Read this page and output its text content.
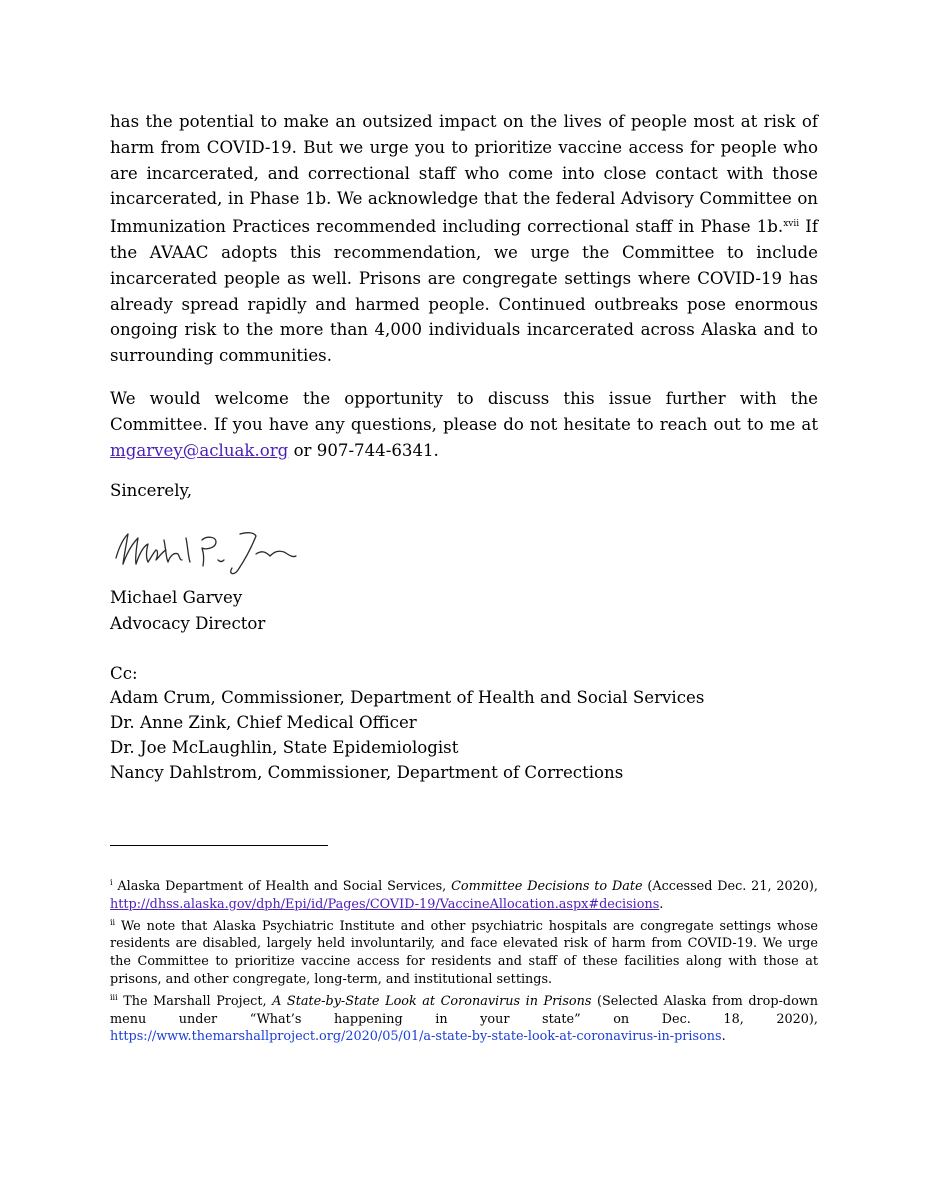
has the potential to make an outsized impact on the lives of people most at risk of harm from COVID-19. But we urge you to prioritize vaccine access for people who are incarcerated, and correctional staff who come into close contact with those incarcerated, in Phase 1b. We acknowledge that the federal Advisory Committee on Immunization Practices recommended including correctional staff in Phase 1b.$^{xvii}$ If the AVAAC adopts this recommendation, we urge the Committee to include incarcerated people as well. Prisons are congregate settings where COVID-19 has already spread rapidly and harmed people. Continued outbreaks pose enormous ongoing risk to the more than 4,000 individuals incarcerated across Alaska and to surrounding communities.

We would welcome the opportunity to discuss this issue further with the Committee. If you have any questions, please do not hesitate to reach out to me at mgarvey@acluak.org or 907-744-6341.

Sincerely,

Michael Garvey

Advocacy Director

Cc:

Adam Crum, Commissioner, Department of Health and Social Services

Dr. Anne Zink, Chief Medical Officer

Dr. Joe McLaughlin, State Epidemiologist

Nancy Dahlstrom, Commissioner, Department of Corrections

$^i$ Alaska Department of Health and Social Services, Committee Decisions to Date (Accessed Dec. 21, 2020), http://dhss.alaska.gov/dph/Epi/id/Pages/COVID-19/VaccineAllocation.aspx#decisions.

$^{ii}$ We note that Alaska Psychiatric Institute and other psychiatric hospitals are congregate settings whose residents are disabled, largely held involuntarily, and face elevated risk of harm from COVID-19. We urge the Committee to prioritize vaccine access for residents and staff of these facilities along with those at prisons, and other congregate, long-term, and institutional settings.

$^{iii}$ The Marshall Project, A State-by-State Look at Coronavirus in Prisons (Selected Alaska from drop-down menu under “What’s happening in your state” on Dec. 18, 2020), https://www.themarshallproject.org/2020/05/01/a-state-by-state-look-at-coronavirus-in-prisons.
